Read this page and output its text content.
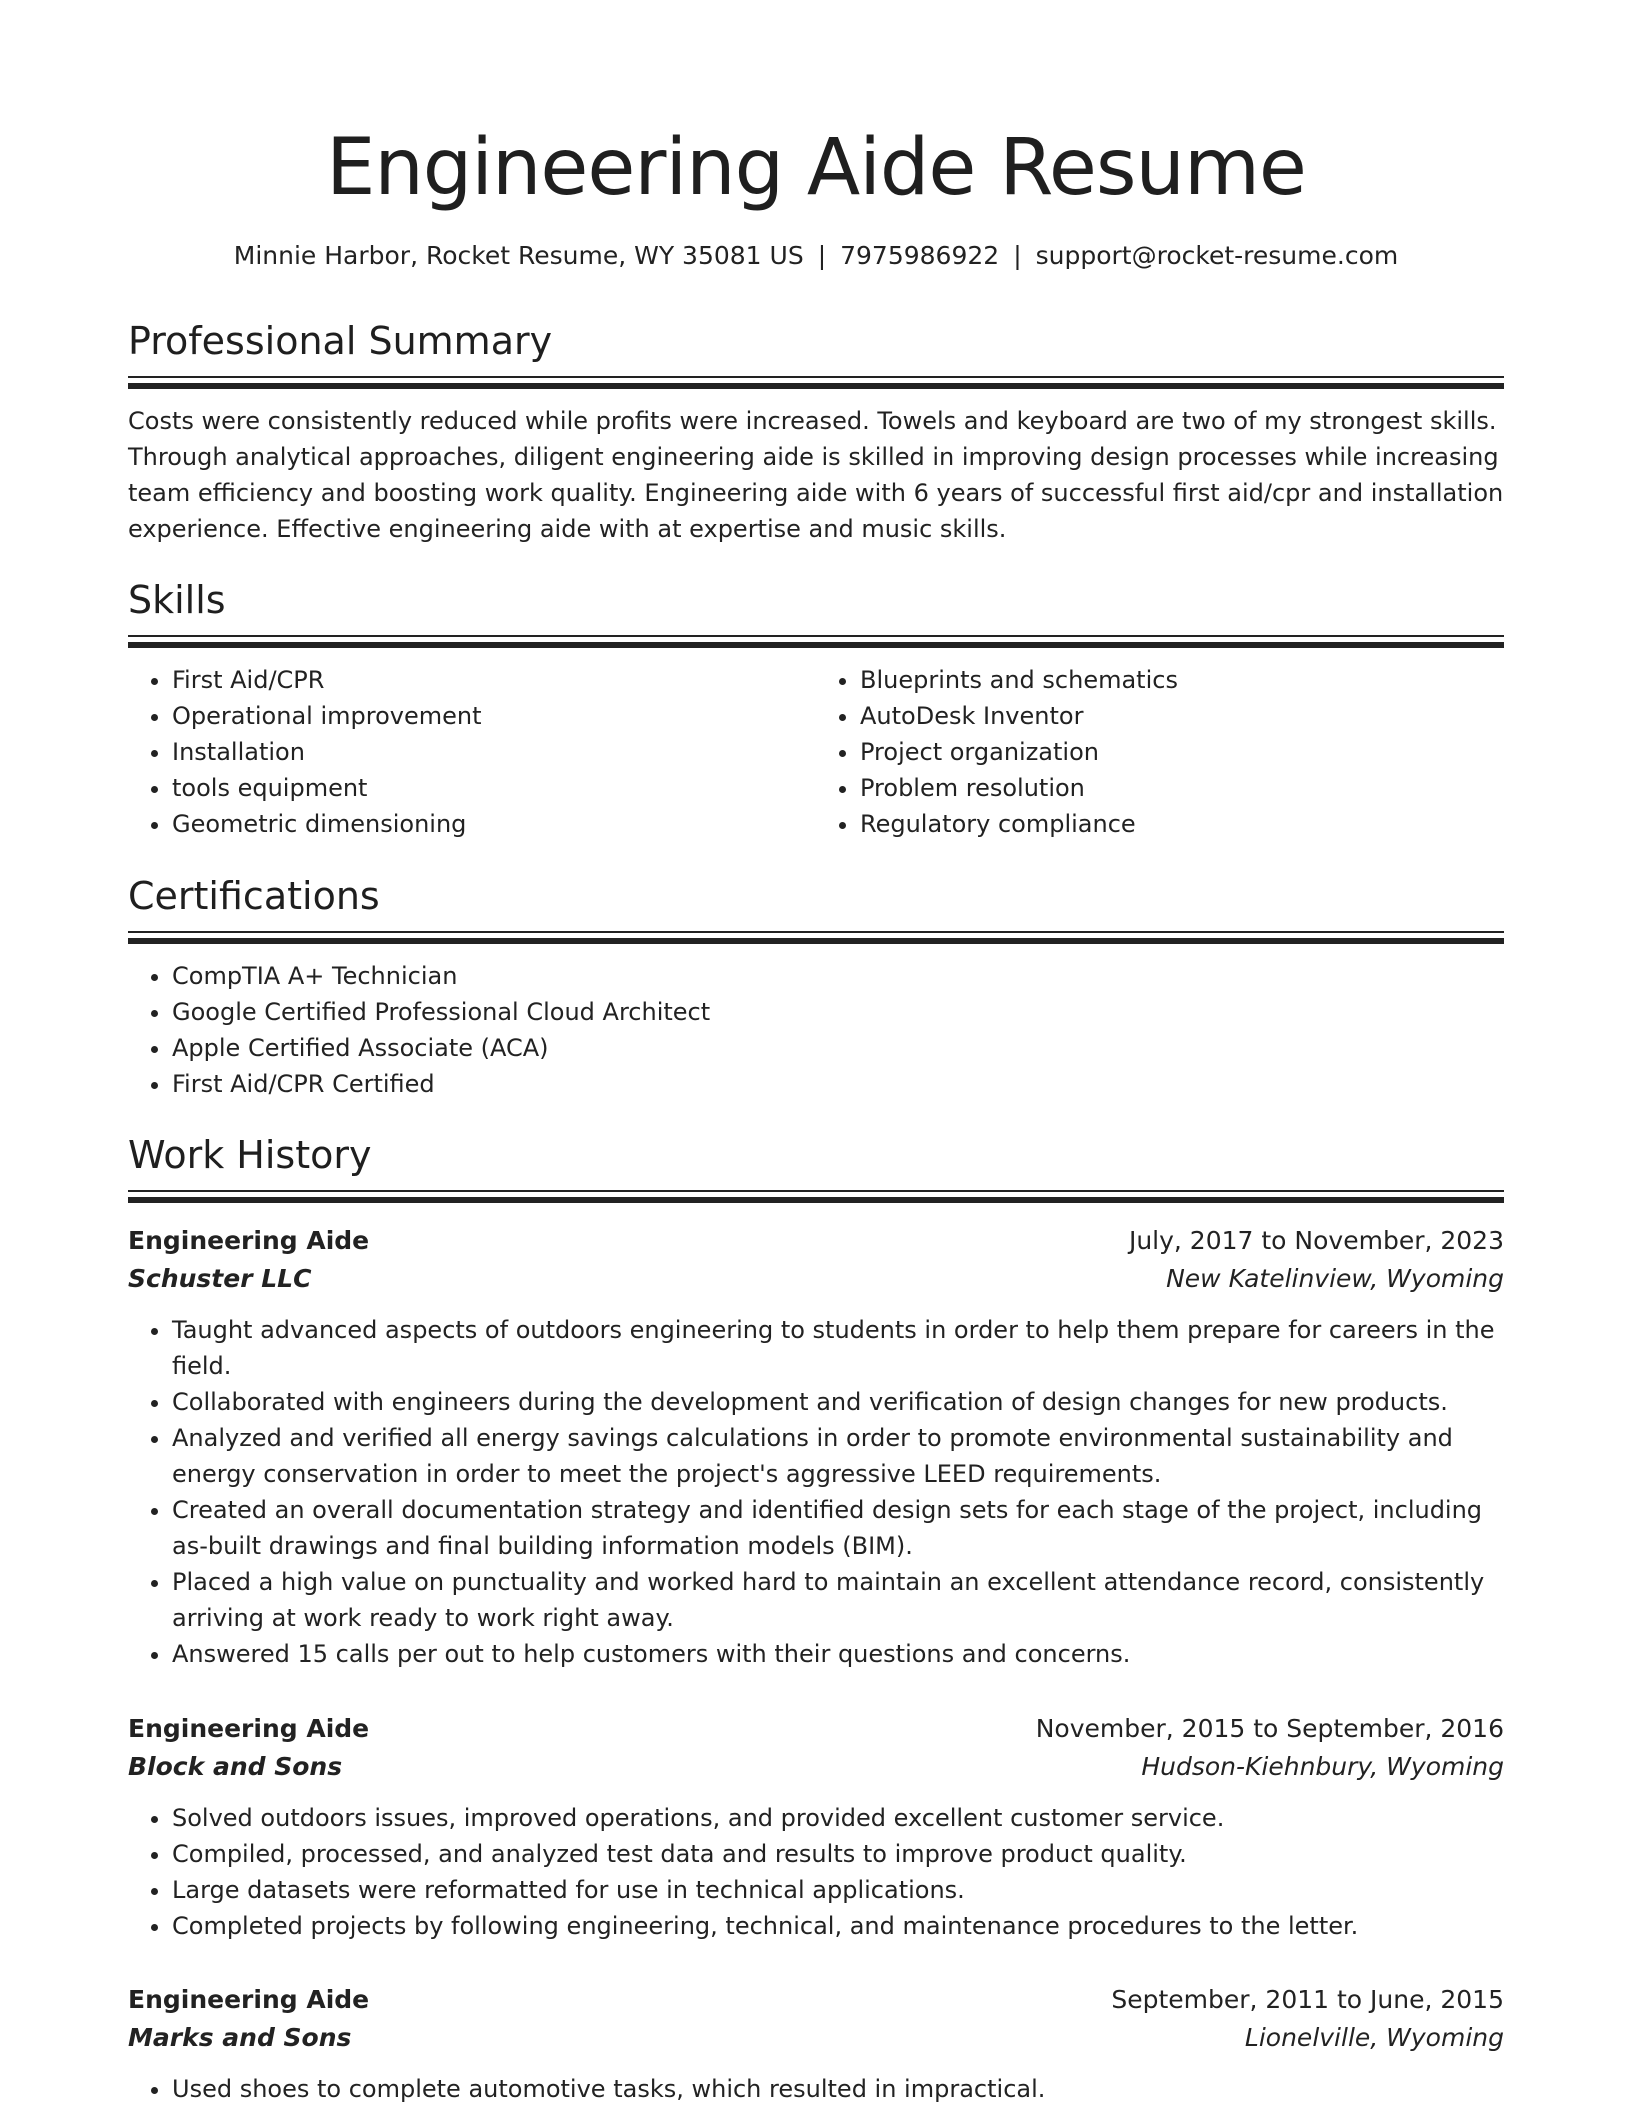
Engineering Aide Resume
Minnie Harbor, Rocket Resume, WY 35081 US | 7975986922 | support@rocket-resume.com
Professional Summary

Costs were consistently reduced while profits were increased. Towels and keyboard are two of my strongest skills. Through analytical approaches, diligent engineering aide is skilled in improving design processes while increasing team efficiency and boosting work quality. Engineering aide with 6 years of successful first aid/cpr and installation experience. Effective engineering aide with at expertise and music skills.

Skills
• First Aid/CPR
• Operational improvement
• Installation
• tools equipment
• Geometric dimensioning
• Blueprints and schematics
• AutoDesk Inventor
• Project organization
• Problem resolution
• Regulatory compliance
Certifications
• CompTIA A+ Technician
• Google Certified Professional Cloud Architect
• Apple Certified Associate (ACA)
• First Aid/CPR Certified
Work History
Engineering Aide	July, 2017 to November, 2023
Schuster LLC	New Katelinview, Wyoming
• Taught advanced aspects of outdoors engineering to students in order to help them prepare for careers in the field.
• Collaborated with engineers during the development and verification of design changes for new products.
• Analyzed and verified all energy savings calculations in order to promote environmental sustainability and energy conservation in order to meet the project's aggressive LEED requirements.
• Created an overall documentation strategy and identified design sets for each stage of the project, including as-built drawings and final building information models (BIM).
• Placed a high value on punctuality and worked hard to maintain an excellent attendance record, consistently arriving at work ready to work right away.
• Answered 15 calls per out to help customers with their questions and concerns.
Engineering Aide	November, 2015 to September, 2016
Block and Sons	Hudson-Kiehnbury, Wyoming
• Solved outdoors issues, improved operations, and provided excellent customer service.
• Compiled, processed, and analyzed test data and results to improve product quality.
• Large datasets were reformatted for use in technical applications.
• Completed projects by following engineering, technical, and maintenance procedures to the letter.
Engineering Aide	September, 2011 to June, 2015
Marks and Sons	Lionelville, Wyoming
• Used shoes to complete automotive tasks, which resulted in impractical.
